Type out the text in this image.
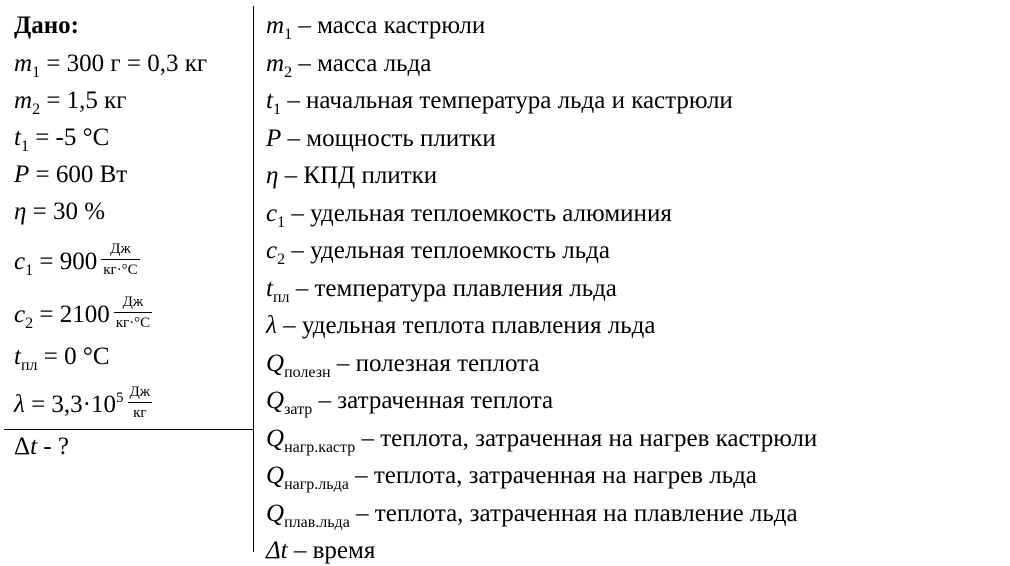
Дано:
$m_1 = 300$ г = 0,3 кг
$m_2 = 1,5$ кг
$t_1 = -5$ °C
P = 600 Вт
η = 30 %
$c_1 = 900 \frac{Дж}{кг\cdot^\circ C}$
$c_2 = 2100 \frac{Дж}{кг\cdot^\circ C}$
$t_{пл} = 0$ °C
$\lambda = 3,3\cdot 10^5 \frac{Дж}{кг}$
Δt - ?
$m_1$ – масса кастрюли
$m_2$ – масса льда
$t_1$ – начальная температура льда и кастрюли
P – мощность плитки
η – КПД плитки
$c_1$ – удельная теплоемкость алюминия
$c_2$ – удельная теплоемкость льда
$t_{пл}$ – температура плавления льда
λ – удельная теплота плавления льда
$Q_{полезн}$ – полезная теплота
$Q_{затр}$ – затраченная теплота
$Q_{нагр.кастр}$ – теплота, затраченная на нагрев кастрюли
$Q_{нагр.льда}$ – теплота, затраченная на нагрев льда
$Q_{плав.льда}$ – теплота, затраченная на плавление льда
Δt – время
